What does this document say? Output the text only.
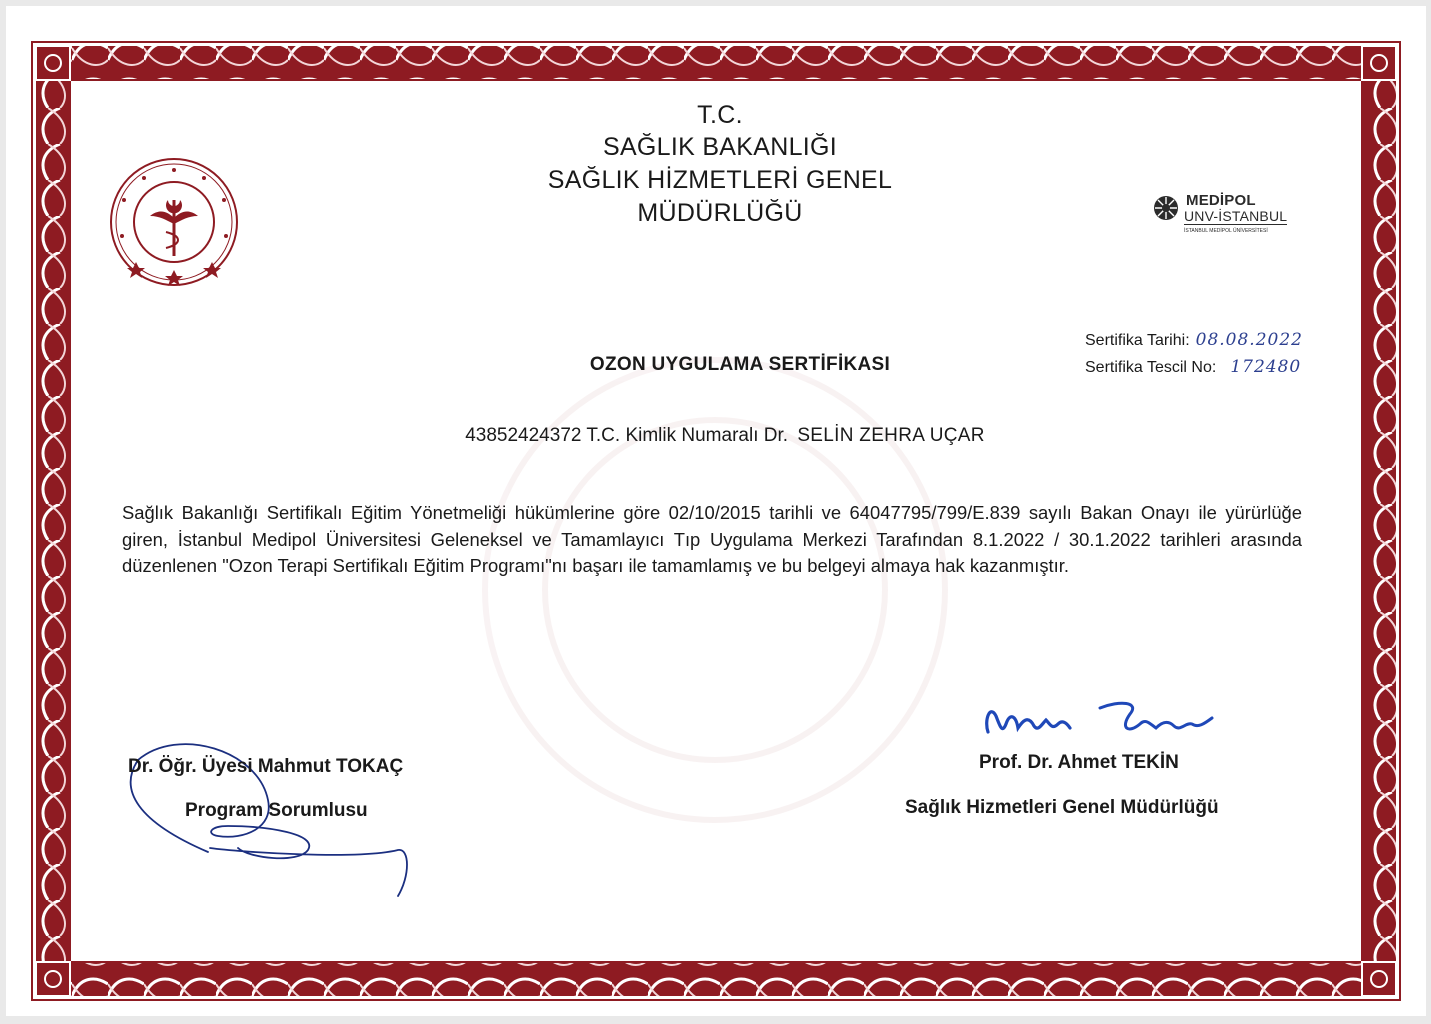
T.C.
SAĞLIK BAKANLIĞI
SAĞLIK HİZMETLERİ GENEL
MÜDÜRLÜĞÜ	MEDİPOL
UNV-İSTANBUL
İSTANBUL MEDİPOL ÜNİVERSİTESİ
Sertifika Tarihi: 08.08.2022
Sertifika Tescil No: 172480
OZON UYGULAMA SERTİFİKASI
43852424372 T.C. Kimlik Numaralı Dr. SELİN ZEHRA UÇAR
Sağlık Bakanlığı Sertifikalı Eğitim Yönetmeliği hükümlerine göre 02/10/2015 tarihli ve 64047795/799/E.839 sayılı Bakan Onayı ile yürürlüğe giren, İstanbul Medipol Üniversitesi Geleneksel ve Tamamlayıcı Tıp Uygulama Merkezi Tarafından 8.1.2022 / 30.1.2022 tarihleri arasında düzenlenen "Ozon Terapi Sertifikalı Eğitim Programı"nı başarı ile tamamlamış ve bu belgeyi almaya hak kazanmıştır.
Dr. Öğr. Üyesi Mahmut TOKAÇ
Program Sorumlusu
Prof. Dr. Ahmet TEKİN
Sağlık Hizmetleri Genel Müdürlüğü
